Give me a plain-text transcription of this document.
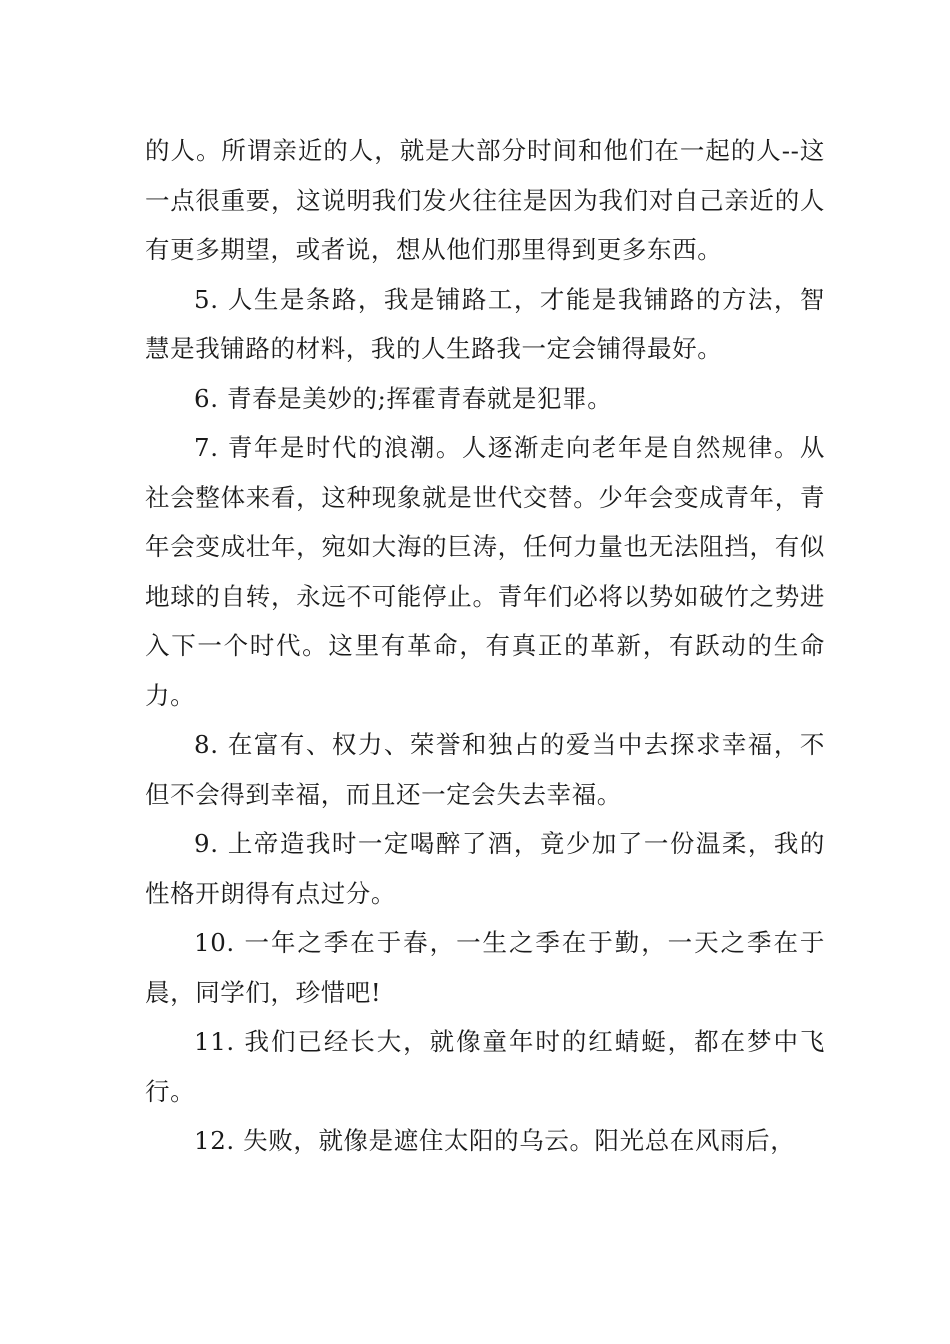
的人。所谓亲近的人，就是大部分时间和他们在一起的人--这一点很重要，这说明我们发火往往是因为我们对自己亲近的人有更多期望，或者说，想从他们那里得到更多东西。

5. 人生是条路，我是铺路工，才能是我铺路的方法，智慧是我铺路的材料，我的人生路我一定会铺得最好。

6. 青春是美妙的;挥霍青春就是犯罪。

7. 青年是时代的浪潮。人逐渐走向老年是自然规律。从社会整体来看，这种现象就是世代交替。少年会变成青年，青年会变成壮年，宛如大海的巨涛，任何力量也无法阻挡，有似地球的自转，永远不可能停止。青年们必将以势如破竹之势进入下一个时代。这里有革命，有真正的革新，有跃动的生命力。

8. 在富有、权力、荣誉和独占的爱当中去探求幸福，不但不会得到幸福，而且还一定会失去幸福。

9. 上帝造我时一定喝醉了酒，竟少加了一份温柔，我的性格开朗得有点过分。

10. 一年之季在于春，一生之季在于勤，一天之季在于晨，同学们，珍惜吧!

11. 我们已经长大，就像童年时的红蜻蜓，都在梦中飞行。

12. 失败，就像是遮住太阳的乌云。阳光总在风雨后，
